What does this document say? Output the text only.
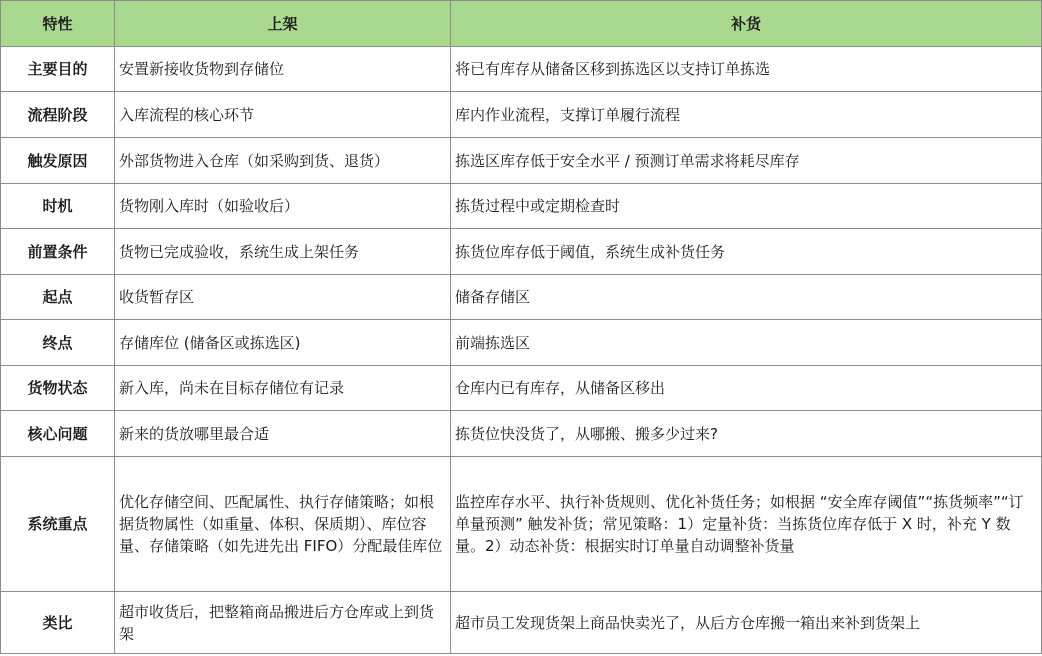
特性	上架	补货
主要目的	安置新接收货物到存储位	将已有库存从储备区移到拣选区以支持订单拣选
流程阶段	入库流程的核心环节	库内作业流程，支撑订单履行流程
触发原因	外部货物进入仓库（如采购到货、退货）	拣选区库存低于安全水平 / 预测订单需求将耗尽库存
时机	货物刚入库时（如验收后）	拣货过程中或定期检查时
前置条件	货物已完成验收，系统生成上架任务	拣货位库存低于阈值，系统生成补货任务
起点	收货暂存区	储备存储区
终点	存储库位 (储备区或拣选区)	前端拣选区
货物状态	新入库，尚未在目标存储位有记录	仓库内已有库存，从储备区移出
核心问题	新来的货放哪里最合适	拣货位快没货了，从哪搬、搬多少过来?
系统重点	优化存储空间、匹配属性、执行存储策略；如根据货物属性（如重量、体积、保质期）、库位容量、存储策略（如先进先出 FIFO）分配最佳库位	监控库存水平、执行补货规则、优化补货任务；如根据 “安全库存阈值”“拣货频率”“订单量预测” 触发补货；常见策略：1）定量补货：当拣货位库存低于 X 时，补充 Y 数量。2）动态补货：根据实时订单量自动调整补货量
类比	超市收货后，把整箱商品搬进后方仓库或上到货架	超市员工发现货架上商品快卖光了，从后方仓库搬一箱出来补到货架上
